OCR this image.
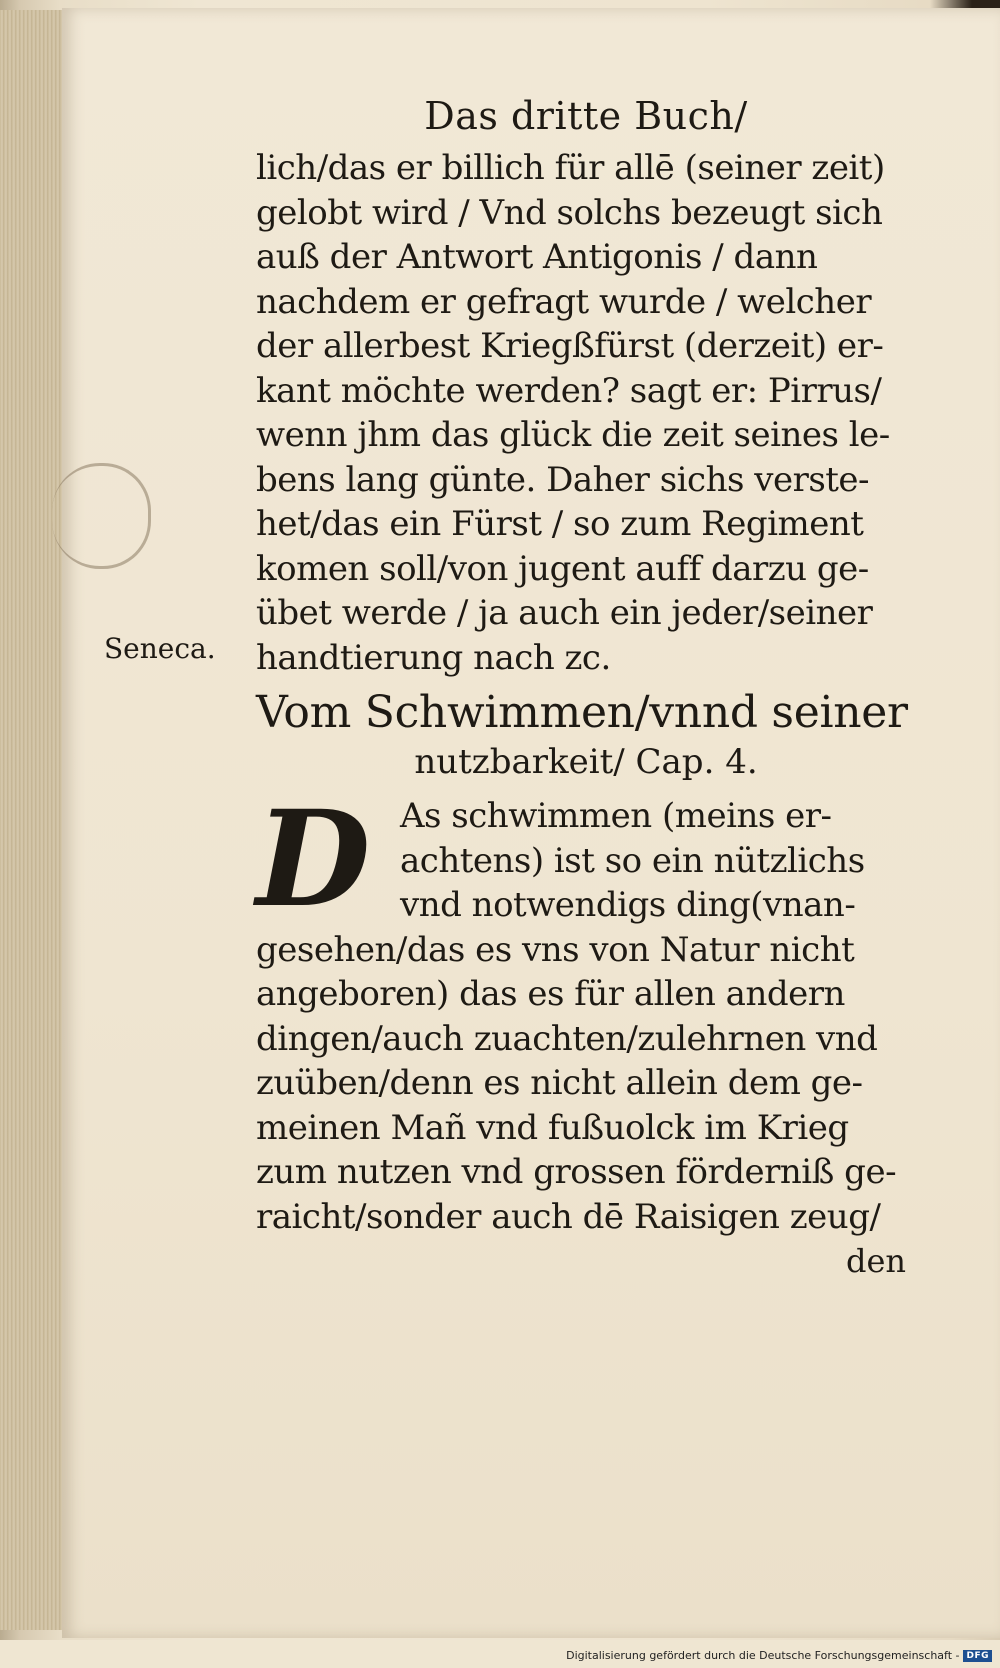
Seneca.
Das dritte Buch/
lich/das er billich für allē (seiner zeit)
gelobt wird / Vnd solchs bezeugt sich
auß der Antwort Antigonis / dann
nachdem er gefragt wurde / welcher
der allerbest Kriegßfürst (derzeit) er-
kant möchte werden? sagt er: Pirrus/
wenn jhm das glück die zeit seines le-
bens lang günte. Daher sichs verste-
het/das ein Fürst / so zum Regiment
komen soll/von jugent auff darzu ge-
übet werde / ja auch ein jeder/seiner
handtierung nach zc.
Vom Schwimmen/vnnd seiner
nutzbarkeit/ Cap. 4.
D As schwimmen (meins er-
achtens) ist so ein nützlichs
vnd notwendigs ding(vnan-
gesehen/das es vns von Natur nicht
angeboren) das es für allen andern
dingen/auch zuachten/zulehrnen vnd
zuüben/denn es nicht allein dem ge-
meinen Mañ vnd fußuolck im Krieg
zum nutzen vnd grossen förderniß ge-
raicht/sonder auch dē Raisigen zeug/
den
Digitalisierung gefördert durch die Deutsche Forschungsgemeinschaft - DFG
